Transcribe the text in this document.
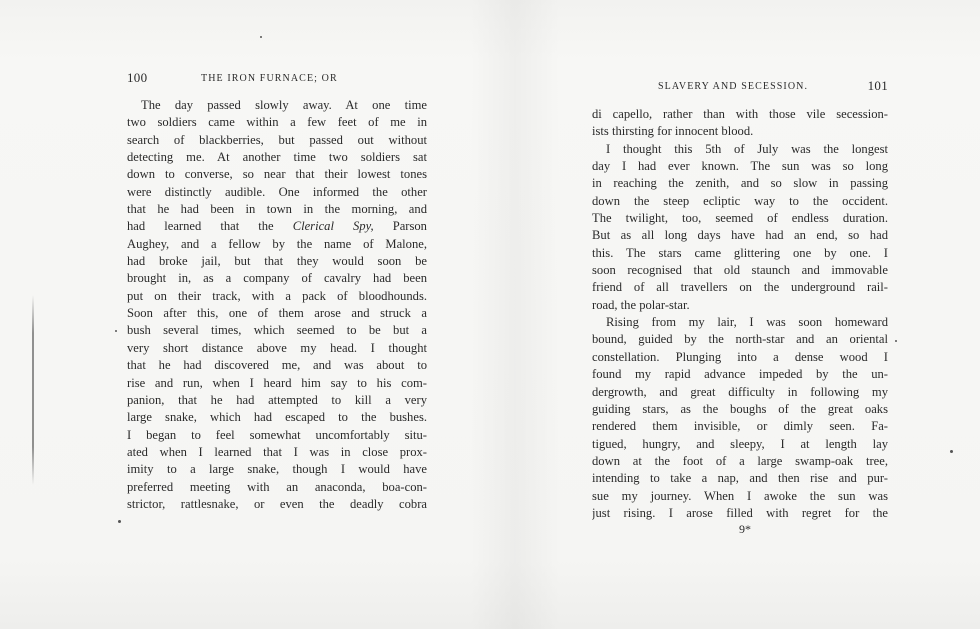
100	THE IRON FURNACE; OR
The day passed slowly away. At one time
two soldiers came within a few feet of me in
search of blackberries, but passed out without
detecting me. At another time two soldiers sat
down to converse, so near that their lowest tones
were distinctly audible. One informed the other
that he had been in town in the morning, and
had  learned  that  the  Clerical  Spy,  Parson
Aughey, and a fellow by the name of Malone,
had broke jail, but that they would soon be
brought in, as a company of cavalry had been
put on their track, with a pack of bloodhounds.
Soon after this, one of them arose and struck a
bush several times, which seemed to be but a
very short distance above my head. I thought
that he had discovered me, and was about to
rise and run, when I heard him say to his com-
panion, that he had attempted to kill a very
large snake, which had escaped to the bushes.
I began to feel somewhat uncomfortably situ-
ated when I learned that I was in close prox-
imity to a large snake, though I would have
preferred meeting with an anaconda, boa-con-
strictor, rattlesnake, or even the deadly cobra
SLAVERY AND SECESSION.	101
di capello, rather than with those vile secession-
ists thirsting for innocent blood.
I thought this 5th of July was the longest
day I had ever known. The sun was so long
in reaching the zenith, and so slow in passing
down the steep ecliptic way to the occident.
The twilight, too, seemed of endless duration.
But as all long days have had an end, so had
this. The stars came glittering one by one. I
soon recognised that old staunch and immovable
friend of all travellers on the underground rail-
road, the polar-star.
Rising from my lair, I was soon homeward
bound, guided by the north-star and an oriental
constellation. Plunging into a dense wood I
found my rapid advance impeded by the un-
dergrowth, and great difficulty in following my
guiding stars, as the boughs of the great oaks
rendered them invisible, or dimly seen. Fa-
tigued, hungry, and sleepy, I at length lay
down at the foot of a large swamp-oak tree,
intending to take a nap, and then rise and pur-
sue my journey. When I awoke the sun was
just rising. I arose filled with regret for the
9*
